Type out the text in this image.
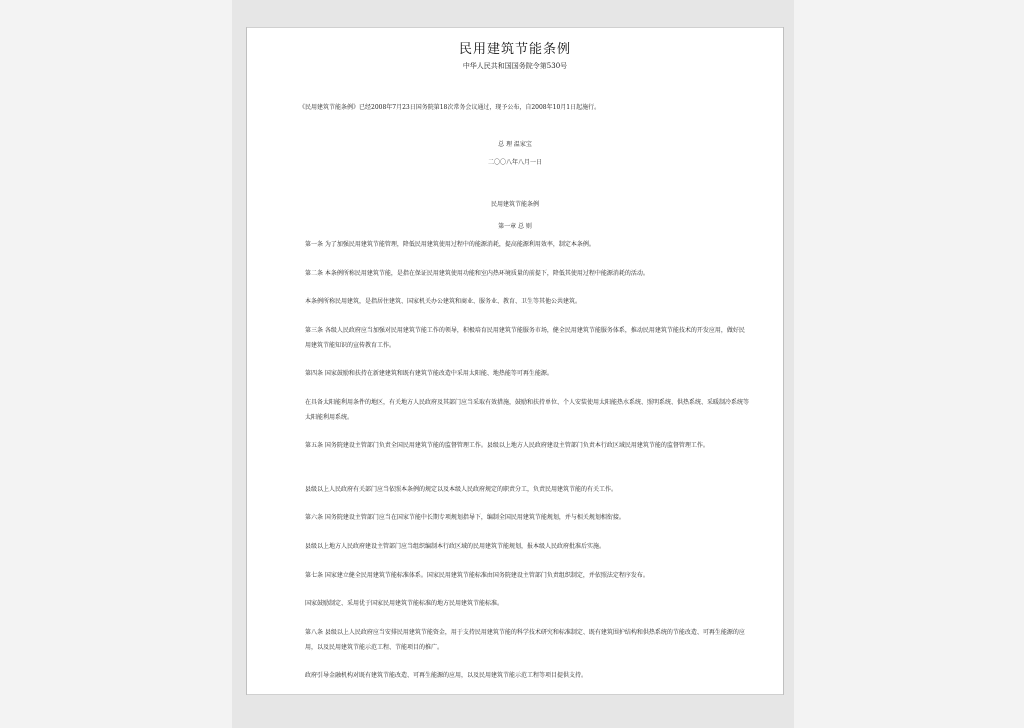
民用建筑节能条例
中华人民共和国国务院令第530号
《民用建筑节能条例》已经2008年7月23日国务院第18次常务会议通过，现予公布，自2008年10月1日起施行。
总 理 温家宝
二〇〇八年八月一日
民用建筑节能条例
第一章 总 则
第一条 为了加强民用建筑节能管理，降低民用建筑使用过程中的能源消耗，提高能源利用效率，制定本条例。
第二条 本条例所称民用建筑节能，是指在保证民用建筑使用功能和室内热环境质量的前提下，降低其使用过程中能源消耗的活动。
本条例所称民用建筑，是指居住建筑、国家机关办公建筑和商业、服务业、教育、卫生等其他公共建筑。
第三条 各级人民政府应当加强对民用建筑节能工作的领导，积极培育民用建筑节能服务市场，健全民用建筑节能服务体系，推动民用建筑节能技术的开发应用，做好民用建筑节能知识的宣传教育工作。
第四条 国家鼓励和扶持在新建建筑和既有建筑节能改造中采用太阳能、地热能等可再生能源。
在具备太阳能利用条件的地区，有关地方人民政府及其部门应当采取有效措施，鼓励和扶持单位、个人安装使用太阳能热水系统、照明系统、供热系统、采暖制冷系统等太阳能利用系统。
第五条 国务院建设主管部门负责全国民用建筑节能的监督管理工作。县级以上地方人民政府建设主管部门负责本行政区域民用建筑节能的监督管理工作。
县级以上人民政府有关部门应当依照本条例的规定以及本级人民政府规定的职责分工，负责民用建筑节能的有关工作。
第六条 国务院建设主管部门应当在国家节能中长期专项规划指导下，编制全国民用建筑节能规划，并与相关规划相衔接。
县级以上地方人民政府建设主管部门应当组织编制本行政区域的民用建筑节能规划，报本级人民政府批准后实施。
第七条 国家建立健全民用建筑节能标准体系。国家民用建筑节能标准由国务院建设主管部门负责组织制定，并依照法定程序发布。
国家鼓励制定、采用优于国家民用建筑节能标准的地方民用建筑节能标准。
第八条 县级以上人民政府应当安排民用建筑节能资金，用于支持民用建筑节能的科学技术研究和标准制定、既有建筑围护结构和供热系统的节能改造、可再生能源的应用，以及民用建筑节能示范工程、节能项目的推广。
政府引导金融机构对既有建筑节能改造、可再生能源的应用，以及民用建筑节能示范工程等项目提供支持。
